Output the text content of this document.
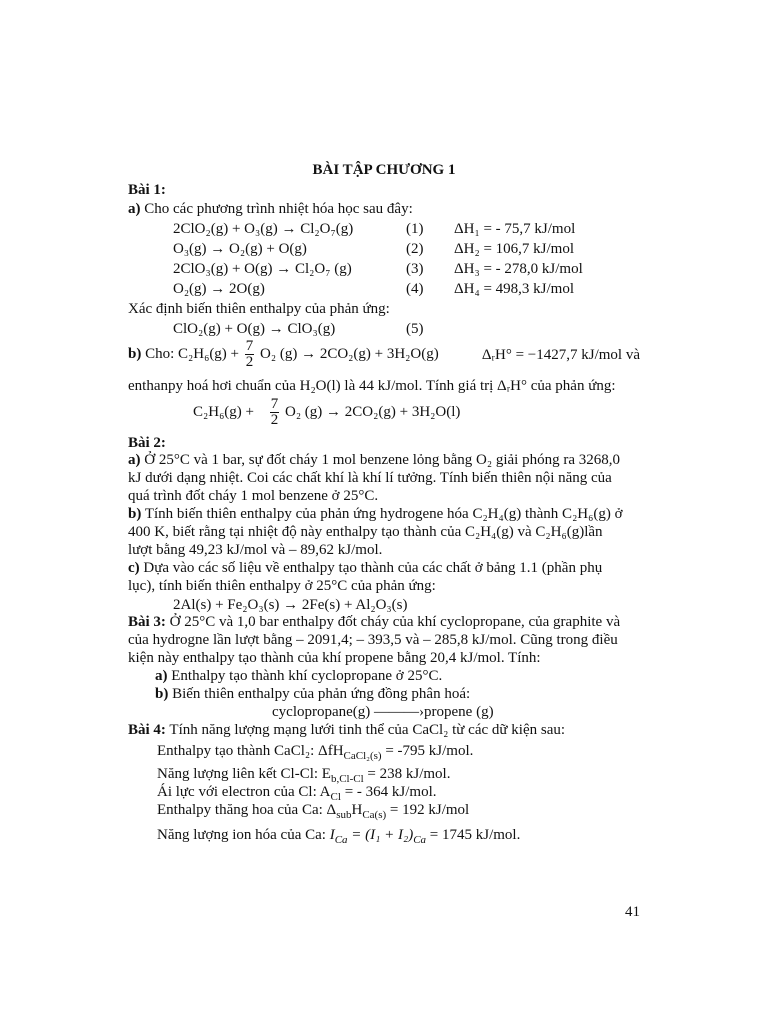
BÀI TẬP CHƯƠNG 1
Bài 1:
a) Cho các phương trình nhiệt hóa học sau đây:
2ClO₂(g) + O₃(g) → Cl₂O₇(g)	(1) ΔH₁ = - 75,7 kJ/mol
O₃(g) → O₂(g) + O(g)	(2) ΔH₂ = 106,7 kJ/mol
2ClO₃(g) + O(g) → Cl₂O₇ (g)	(3) ΔH₃ = - 278,0 kJ/mol
O₂(g) → 2O(g)	(4) ΔH₄ = 498,3 kJ/mol
Xác định biến thiên enthalpy của phản ứng:
ClO₂(g) + O(g) → ClO₃(g)	(5)
b) Cho: $C_2H_6(g) + \frac{7}{2} O_2$ (g) → 2CO₂(g) + 3H₂O(g)	ΔᵣH° = −1427,7 kJ/mol và
enthanpy hoá hơi chuẩn của H₂O(l) là 44 kJ/mol. Tính giá trị ΔᵣH° của phản ứng:
$C_2H_6(g) + \frac{7}{2} O_2$ (g) → 2CO₂(g) + 3H₂O(l)
Bài 2:
a) Ở 25°C và 1 bar, sự đốt cháy 1 mol benzene lỏng bằng O₂ giải phóng ra 3268,0
kJ dưới dạng nhiệt. Coi các chất khí là khí lí tưởng. Tính biến thiên nội năng của
quá trình đốt cháy 1 mol benzene ở 25°C.
b) Tính biến thiên enthalpy của phản ứng hydrogene hóa C₂H₄(g) thành C₂H₆(g) ở
400 K, biết rằng tại nhiệt độ này enthalpy tạo thành của C₂H₄(g) và C₂H₆(g)lần
lượt bằng 49,23 kJ/mol và – 89,62 kJ/mol.
c) Dựa vào các số liệu về enthalpy tạo thành của các chất ở bảng 1.1 (phần phụ
lục), tính biến thiên enthalpy ở 25°C của phản ứng:
2Al(s) + Fe₂O₃(s) → 2Fe(s) + Al₂O₃(s)
Bài 3: Ở 25°C và 1,0 bar enthalpy đốt cháy của khí cyclopropane, của graphite và
của hydrogne lần lượt bằng – 2091,4; – 393,5 và – 285,8 kJ/mol. Cũng trong điều
kiện này enthalpy tạo thành của khí propene bằng 20,4 kJ/mol. Tính:
a) Enthalpy tạo thành khí cyclopropane ở 25°C.
b) Biến thiên enthalpy của phản ứng đồng phân hoá:
cyclopropane(g) ———›propene (g)
Bài 4: Tính năng lượng mạng lưới tinh thể của CaCl₂ từ các dữ kiện sau:
Enthalpy tạo thành CaCl₂: ΔfH$_{CaCl_2(s)}$ = -795 kJ/mol.
Năng lượng liên kết Cl-Cl: $E_{b,Cl-Cl} = 238$ kJ/mol.
Ái lực với electron của Cl: $A_{Cl}$ = - 364 kJ/mol.
Enthalpy thăng hoa của Ca: $\Delta_{sub}H_{Ca(s)} = 192$ kJ/mol
Năng lượng ion hóa của Ca: $I_{Ca} = (I_1 + I_2)_{Ca} = 1745$ kJ/mol.
41
